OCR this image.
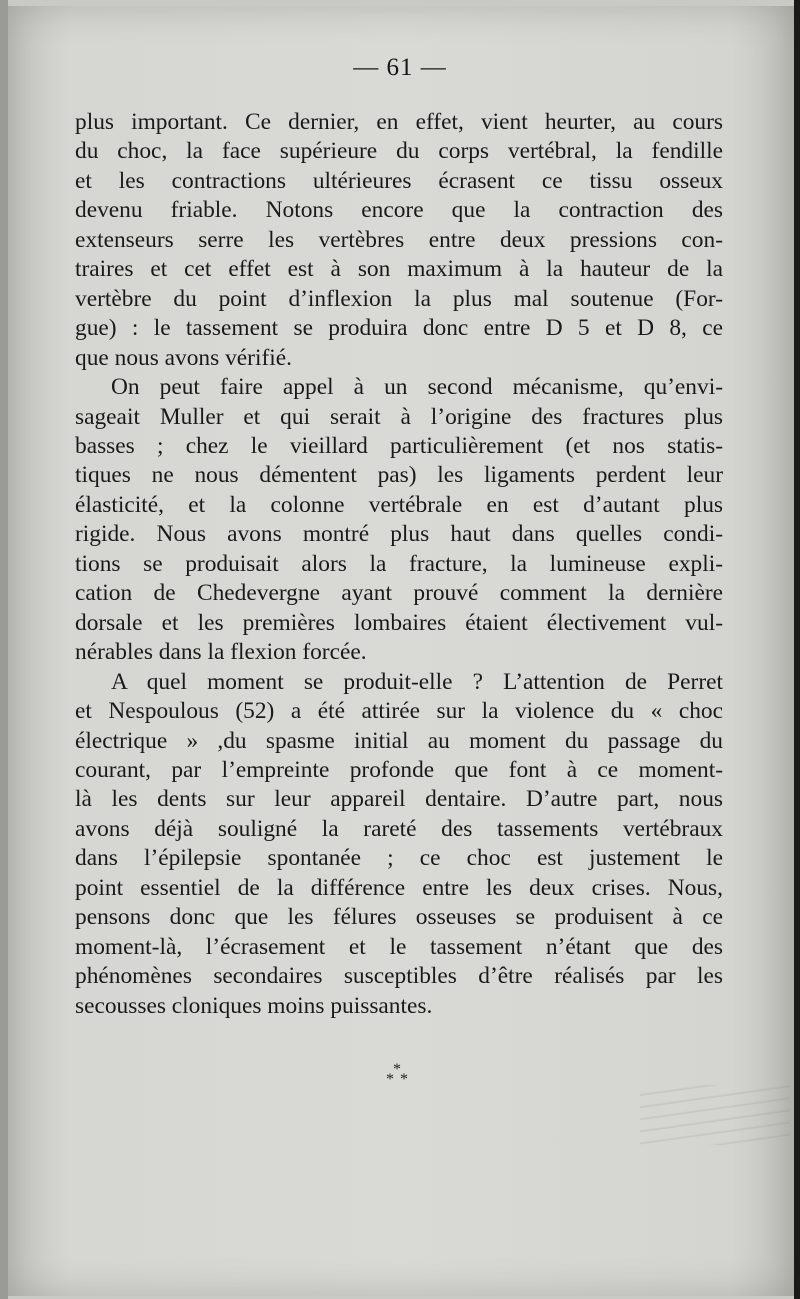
— 61 —
plus important. Ce dernier, en effet, vient heurter, au cours
du choc, la face supérieure du corps vertébral, la fendille
et les contractions ultérieures écrasent ce tissu osseux
devenu friable. Notons encore que la contraction des
extenseurs serre les vertèbres entre deux pressions con-
traires et cet effet est à son maximum à la hauteur de la
vertèbre du point d’inflexion la plus mal soutenue (For-
gue) : le tassement se produira donc entre D 5 et D 8, ce
que nous avons vérifié.
On peut faire appel à un second mécanisme, qu’envi-
sageait Muller et qui serait à l’origine des fractures plus
basses ; chez le vieillard particulièrement (et nos statis-
tiques ne nous démentent pas) les ligaments perdent leur
élasticité, et la colonne vertébrale en est d’autant plus
rigide. Nous avons montré plus haut dans quelles condi-
tions se produisait alors la fracture, la lumineuse expli-
cation de Chedevergne ayant prouvé comment la dernière
dorsale et les premières lombaires étaient électivement vul-
nérables dans la flexion forcée.
A quel moment se produit-elle ? L’attention de Perret
et Nespoulous (52) a été attirée sur la violence du « choc
électrique » ,du spasme initial au moment du passage du
courant, par l’empreinte profonde que font à ce moment-
là les dents sur leur appareil dentaire. D’autre part, nous
avons déjà souligné la rareté des tassements vertébraux
dans l’épilepsie spontanée ; ce choc est justement le
point essentiel de la différence entre les deux crises. Nous,
pensons donc que les félures osseuses se produisent à ce
moment-là, l’écrasement et le tassement n’étant que des
phénomènes secondaires susceptibles d’être réalisés par les
secousses cloniques moins puissantes.
*
* *
